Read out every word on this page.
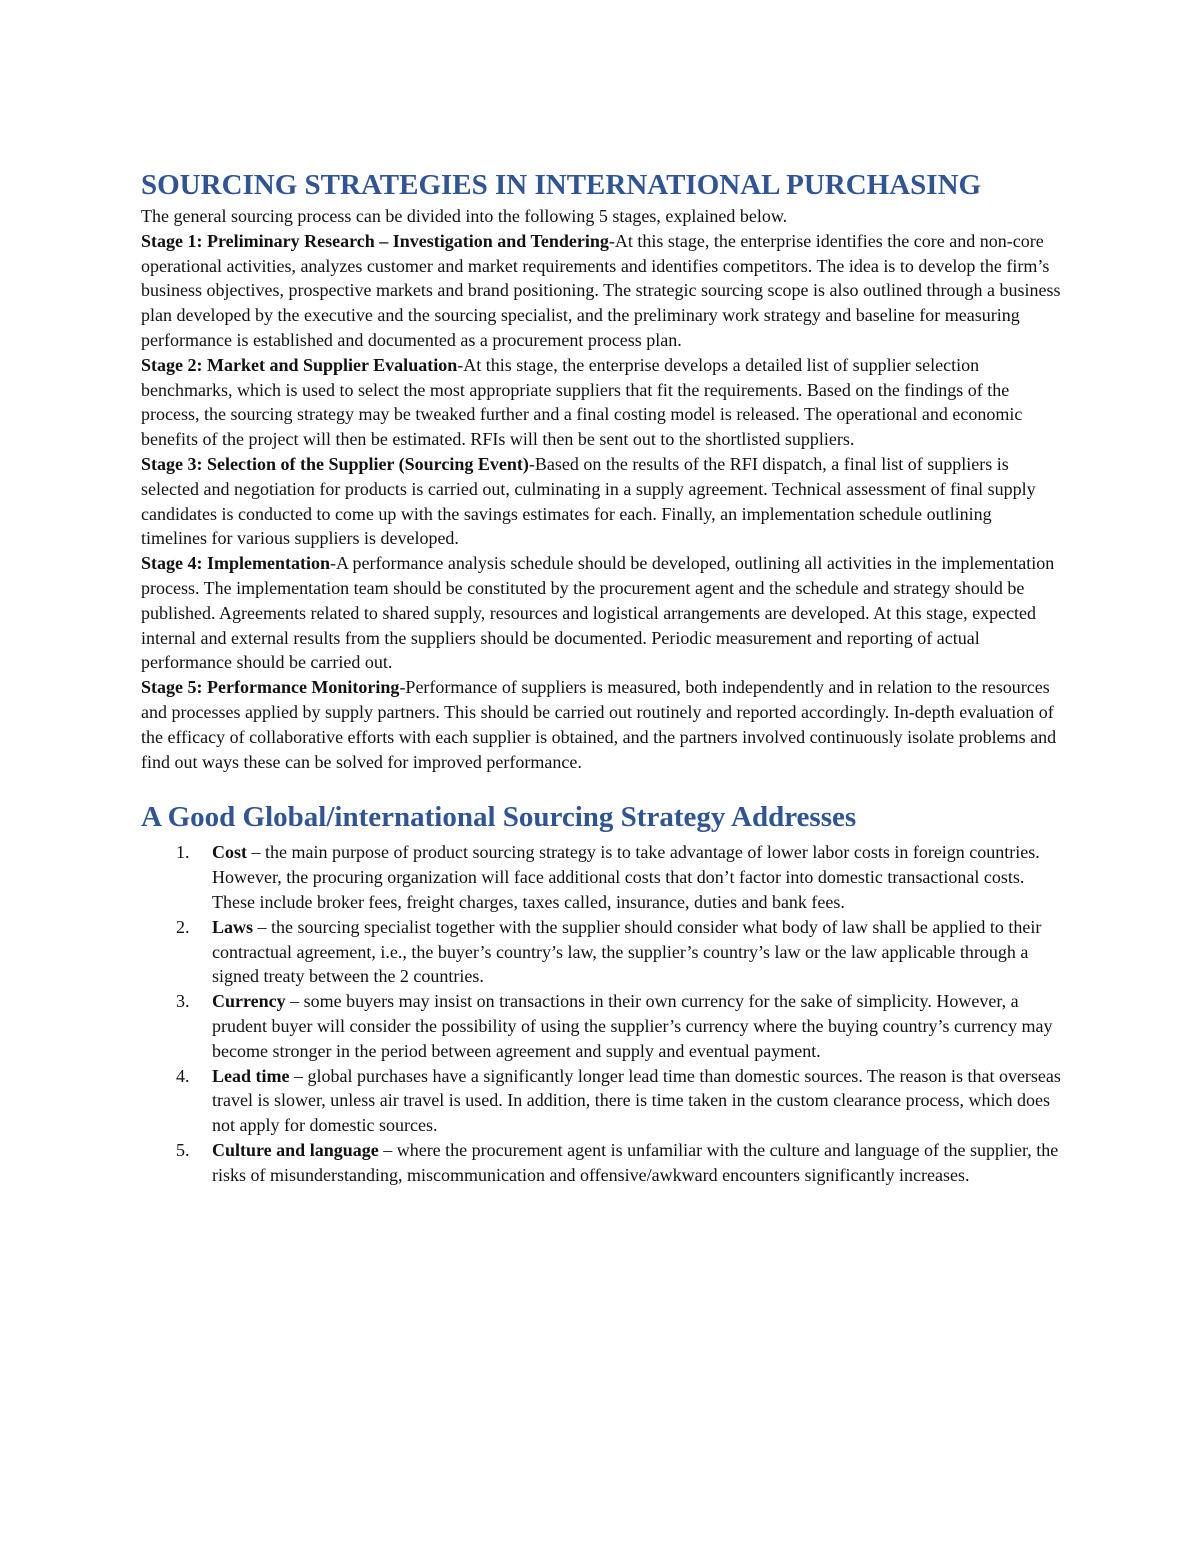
SOURCING STRATEGIES IN INTERNATIONAL PURCHASING

The general sourcing process can be divided into the following 5 stages, explained below.

Stage 1: Preliminary Research – Investigation and Tendering-At this stage, the enterprise identifies the core and non-core operational activities, analyzes customer and market requirements and identifies competitors. The idea is to develop the firm’s business objectives, prospective markets and brand positioning. The strategic sourcing scope is also outlined through a business plan developed by the executive and the sourcing specialist, and the preliminary work strategy and baseline for measuring performance is established and documented as a procurement process plan.

Stage 2: Market and Supplier Evaluation-At this stage, the enterprise develops a detailed list of supplier selection benchmarks, which is used to select the most appropriate suppliers that fit the requirements. Based on the findings of the process, the sourcing strategy may be tweaked further and a final costing model is released. The operational and economic benefits of the project will then be estimated. RFIs will then be sent out to the shortlisted suppliers.

Stage 3: Selection of the Supplier (Sourcing Event)-Based on the results of the RFI dispatch, a final list of suppliers is selected and negotiation for products is carried out, culminating in a supply agreement. Technical assessment of final supply candidates is conducted to come up with the savings estimates for each. Finally, an implementation schedule outlining timelines for various suppliers is developed.

Stage 4: Implementation-A performance analysis schedule should be developed, outlining all activities in the implementation process. The implementation team should be constituted by the procurement agent and the schedule and strategy should be published. Agreements related to shared supply, resources and logistical arrangements are developed. At this stage, expected internal and external results from the suppliers should be documented. Periodic measurement and reporting of actual performance should be carried out.

Stage 5: Performance Monitoring-Performance of suppliers is measured, both independently and in relation to the resources and processes applied by supply partners. This should be carried out routinely and reported accordingly. In-depth evaluation of the efficacy of collaborative efforts with each supplier is obtained, and the partners involved continuously isolate problems and find out ways these can be solved for improved performance.

A Good Global/international Sourcing Strategy Addresses
1. Cost – the main purpose of product sourcing strategy is to take advantage of lower labor costs in foreign countries. However, the procuring organization will face additional costs that don’t factor into domestic transactional costs. These include broker fees, freight charges, taxes called, insurance, duties and bank fees.
2. Laws – the sourcing specialist together with the supplier should consider what body of law shall be applied to their contractual agreement, i.e., the buyer’s country’s law, the supplier’s country’s law or the law applicable through a signed treaty between the 2 countries.
3. Currency – some buyers may insist on transactions in their own currency for the sake of simplicity. However, a prudent buyer will consider the possibility of using the supplier’s currency where the buying country’s currency may become stronger in the period between agreement and supply and eventual payment.
4. Lead time – global purchases have a significantly longer lead time than domestic sources. The reason is that overseas travel is slower, unless air travel is used. In addition, there is time taken in the custom clearance process, which does not apply for domestic sources.
5. Culture and language – where the procurement agent is unfamiliar with the culture and language of the supplier, the risks of misunderstanding, miscommunication and offensive/awkward encounters significantly increases.
